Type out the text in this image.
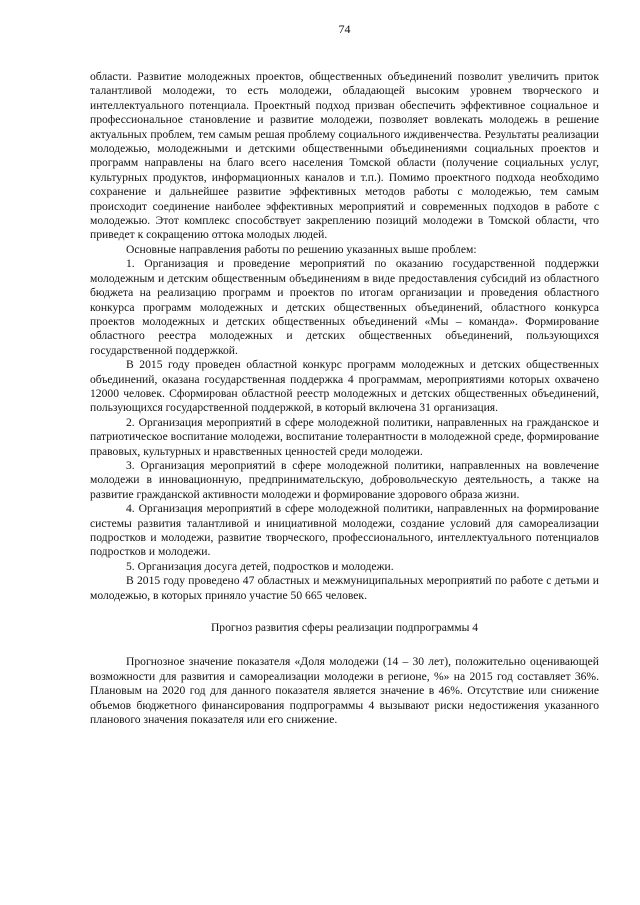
74

области. Развитие молодежных проектов, общественных объединений позволит увеличить приток талантливой молодежи, то есть молодежи, обладающей высоким уровнем творческого и интеллектуального потенциала. Проектный подход призван обеспечить эффективное социальное и профессиональное становление и развитие молодежи, позволяет вовлекать молодежь в решение актуальных проблем, тем самым решая проблему социального иждивенчества. Результаты реализации молодежью, молодежными и детскими общественными объединениями социальных проектов и программ направлены на благо всего населения Томской области (получение социальных услуг, культурных продуктов, информационных каналов и т.п.). Помимо проектного подхода необходимо сохранение и дальнейшее развитие эффективных методов работы с молодежью, тем самым происходит соединение наиболее эффективных мероприятий и современных подходов в работе с молодежью. Этот комплекс способствует закреплению позиций молодежи в Томской области, что приведет к сокращению оттока молодых людей.

Основные направления работы по решению указанных выше проблем:

1. Организация и проведение мероприятий по оказанию государственной поддержки молодежным и детским общественным объединениям в виде предоставления субсидий из областного бюджета на реализацию программ и проектов по итогам организации и проведения областного конкурса программ молодежных и детских общественных объединений, областного конкурса проектов молодежных и детских общественных объединений «Мы – команда». Формирование областного реестра молодежных и детских общественных объединений, пользующихся государственной поддержкой.

В 2015 году проведен областной конкурс программ молодежных и детских общественных объединений, оказана государственная поддержка 4 программам, мероприятиями которых охвачено 12000 человек. Сформирован областной реестр молодежных и детских общественных объединений, пользующихся государственной поддержкой, в который включена 31 организация.

2. Организация мероприятий в сфере молодежной политики, направленных на гражданское и патриотическое воспитание молодежи, воспитание толерантности в молодежной среде, формирование правовых, культурных и нравственных ценностей среди молодежи.

3. Организация мероприятий в сфере молодежной политики, направленных на вовлечение молодежи в инновационную, предпринимательскую, добровольческую деятельность, а также на развитие гражданской активности молодежи и формирование здорового образа жизни.

4. Организация мероприятий в сфере молодежной политики, направленных на формирование системы развития талантливой и инициативной молодежи, создание условий для самореализации подростков и молодежи, развитие творческого, профессионального, интеллектуального потенциалов подростков и молодежи.

5. Организация досуга детей, подростков и молодежи.

В 2015 году проведено 47 областных и межмуниципальных мероприятий по работе с детьми и молодежью, в которых приняло участие 50 665 человек.

Прогноз развития сферы реализации подпрограммы 4

Прогнозное значение показателя «Доля молодежи (14 – 30 лет), положительно оценивающей возможности для развития и самореализации молодежи в регионе, %» на 2015 год составляет 36%. Плановым на 2020 год для данного показателя является значение в 46%. Отсутствие или снижение объемов бюджетного финансирования подпрограммы 4 вызывают риски недостижения указанного планового значения показателя или его снижение.
